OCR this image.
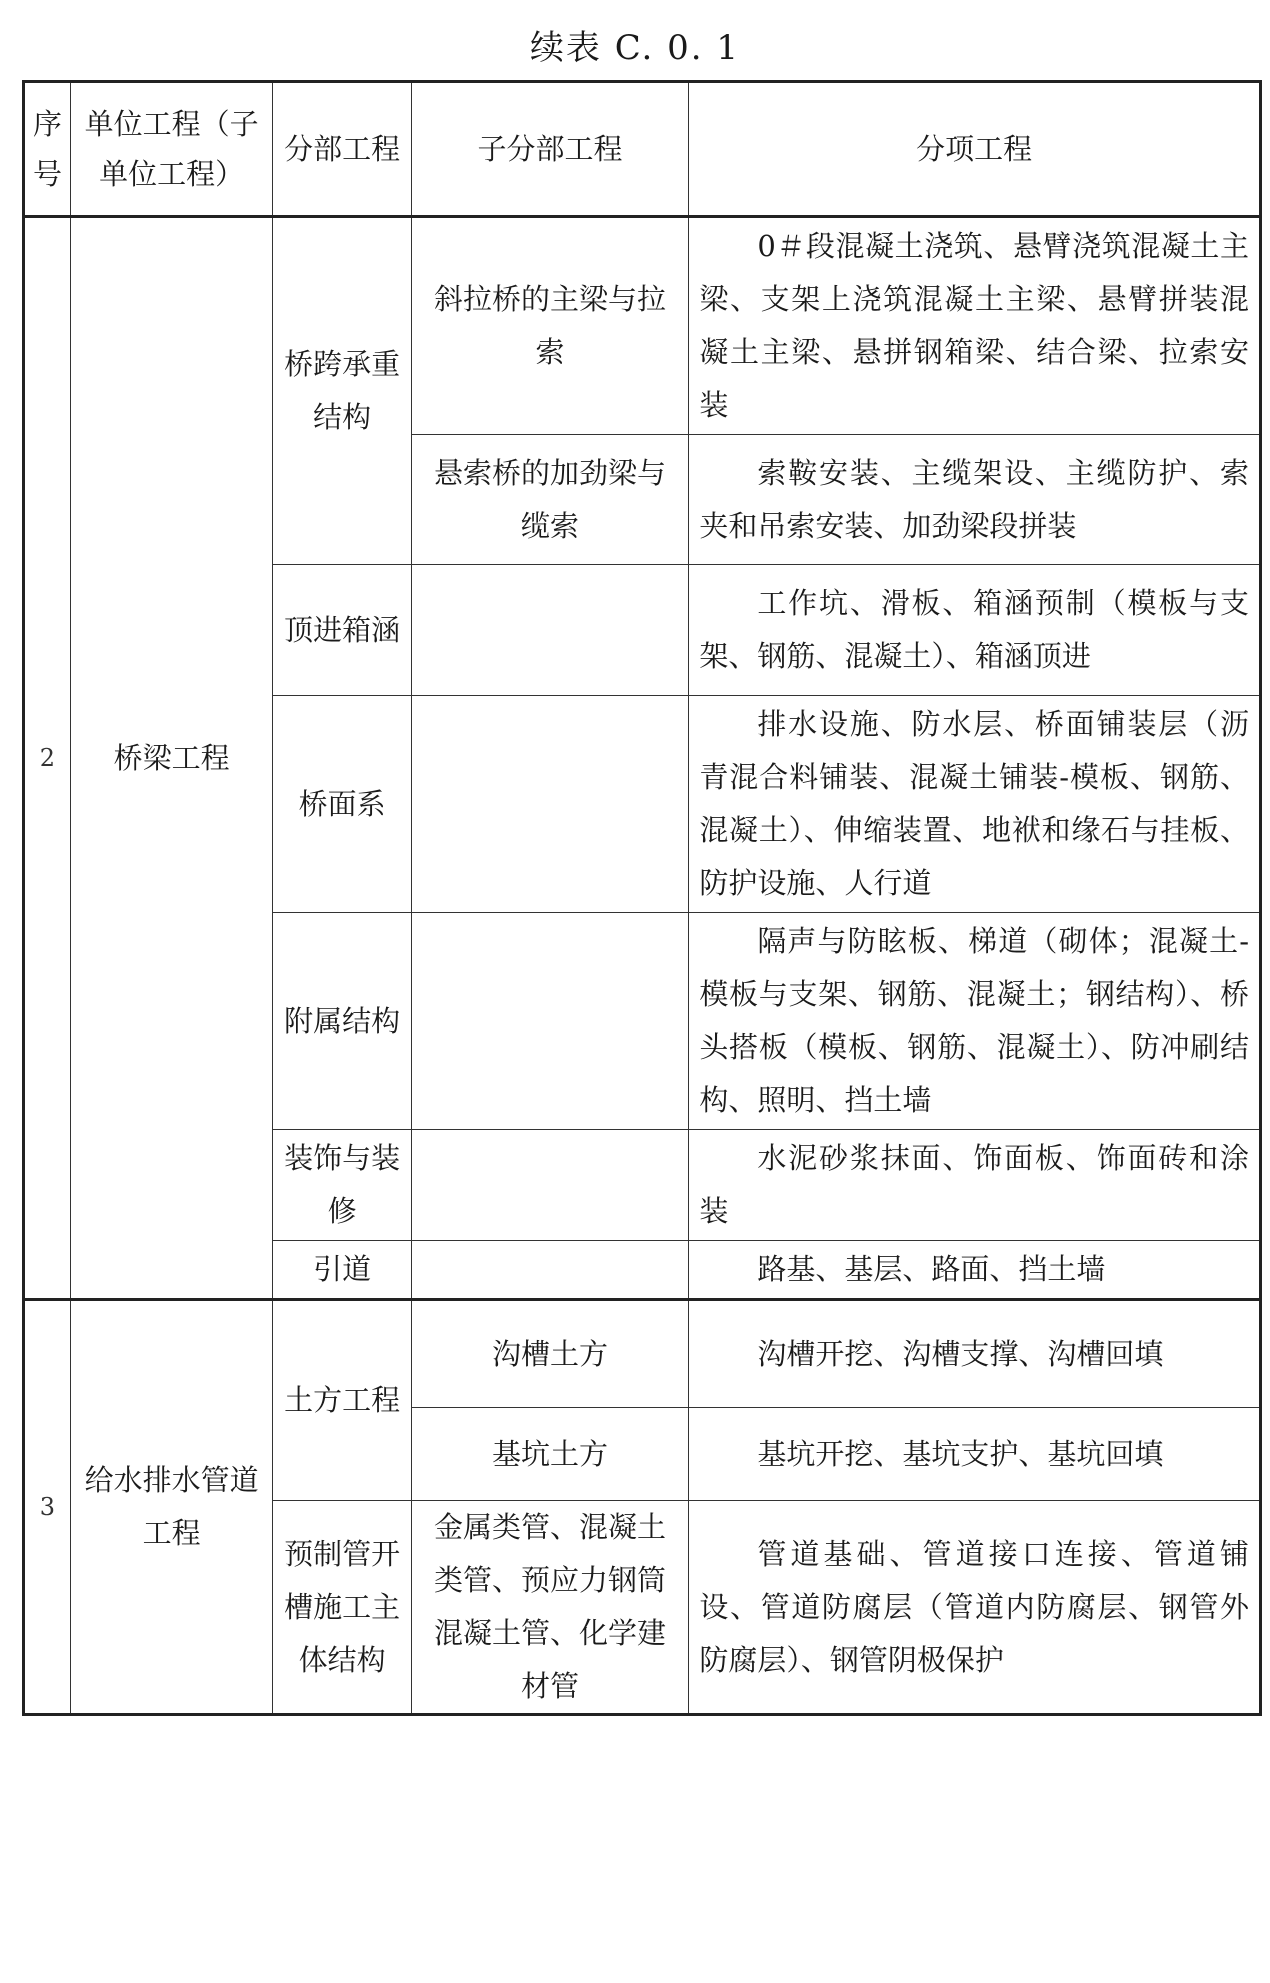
续表 C. 0. 1
序号	单位工程（子单位工程）	分部工程	子分部工程	分项工程
2	桥梁工程	桥跨承重结构	斜拉桥的主梁与拉索	0＃段混凝土浇筑、悬臂浇筑混凝土主梁、支架上浇筑混凝土主梁、悬臂拼装混凝土主梁、悬拼钢箱梁、结合梁、拉索安装
			悬索桥的加劲梁与缆索	索鞍安装、主缆架设、主缆防护、索夹和吊索安装、加劲梁段拼装
		顶进箱涵		工作坑、滑板、箱涵预制（模板与支架、钢筋、混凝土）、箱涵顶进
		桥面系		排水设施、防水层、桥面铺装层（沥青混合料铺装、混凝土铺装-模板、钢筋、混凝土）、伸缩装置、地袱和缘石与挂板、防护设施、人行道
		附属结构		隔声与防眩板、梯道（砌体；混凝土-模板与支架、钢筋、混凝土；钢结构）、桥头搭板（模板、钢筋、混凝土）、防冲刷结构、照明、挡土墙
		装饰与装修		水泥砂浆抹面、饰面板、饰面砖和涂装
		引道		路基、基层、路面、挡土墙
3	给水排水管道工程	土方工程	沟槽土方	沟槽开挖、沟槽支撑、沟槽回填
			基坑土方	基坑开挖、基坑支护、基坑回填
		预制管开槽施工主体结构	金属类管、混凝土类管、预应力钢筒混凝土管、化学建材管	管道基础、管道接口连接、管道铺设、管道防腐层（管道内防腐层、钢管外防腐层）、钢管阴极保护
